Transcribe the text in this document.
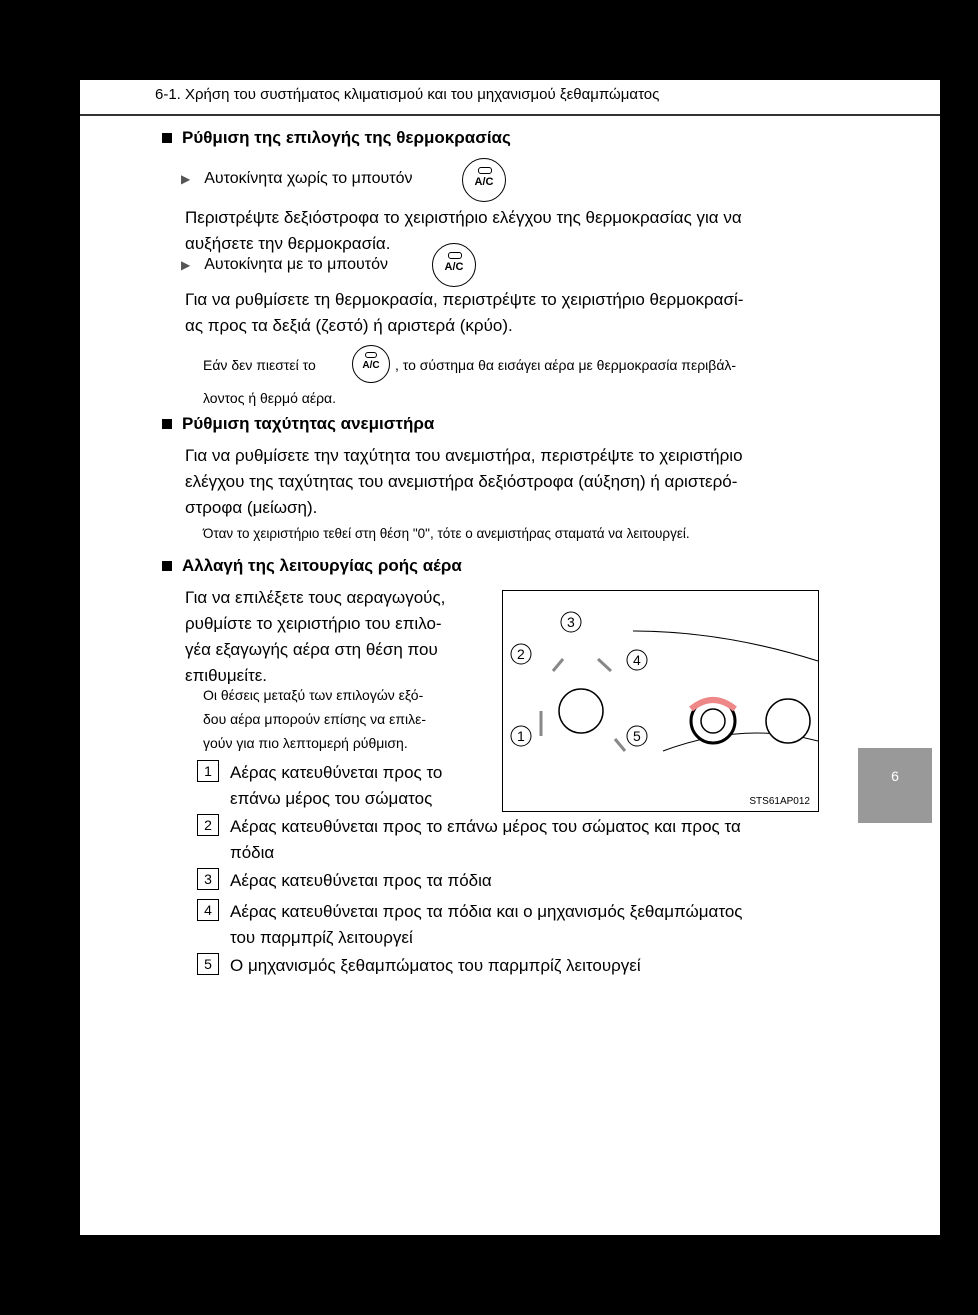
6-1. Χρήση του συστήματος κλιματισμού και του μηχανισμού ξεθαμπώματος
6
Χαρακτηριστικά εσωτερικού χώρου
Ρύθμιση της επιλογής της θερμοκρασίας
▶ Αυτοκίνητα χωρίς το μπουτόν	A/C
Περιστρέψτε δεξιόστροφα το χειριστήριο ελέγχου της θερμοκρασίας για να
αυξήσετε την θερμοκρασία.
▶ Αυτοκίνητα με το μπουτόν	A/C
Για να ρυθμίσετε τη θερμοκρασία, περιστρέψτε το χειριστήριο θερμοκρασί-
ας προς τα δεξιά (ζεστό) ή αριστερά (κρύο).
Εάν δεν πιεστεί το	A/C	, το σύστημα θα εισάγει αέρα με θερμοκρασία περιβάλ-
λοντος ή θερμό αέρα.
Ρύθμιση ταχύτητας ανεμιστήρα
Για να ρυθμίσετε την ταχύτητα του ανεμιστήρα, περιστρέψτε το χειριστήριο
ελέγχου της ταχύτητας του ανεμιστήρα δεξιόστροφα (αύξηση) ή αριστερό-
στροφα (μείωση).
Όταν το χειριστήριο τεθεί στη θέση "0", τότε ο ανεμιστήρας σταματά να λειτουργεί.
Αλλαγή της λειτουργίας ροής αέρα
Για να επιλέξετε τους αεραγωγούς,
ρυθμίστε το χειριστήριο του επιλο-
γέα εξαγωγής αέρα στη θέση που
επιθυμείτε.
Οι θέσεις μεταξύ των επιλογών εξό-
δου αέρα μπορούν επίσης να επιλε-
γούν για πιο λεπτομερή ρύθμιση.
2
3
4
1	5
STS61AP012
1	Αέρας κατευθύνεται προς το
επάνω μέρος του σώματος
2	Αέρας κατευθύνεται προς το επάνω μέρος του σώματος και προς τα
πόδια
3	Αέρας κατευθύνεται προς τα πόδια
4	Αέρας κατευθύνεται προς τα πόδια και ο μηχανισμός ξεθαμπώματος
του παρμπρίζ λειτουργεί
5	Ο μηχανισμός ξεθαμπώματος του παρμπρίζ λειτουργεί
